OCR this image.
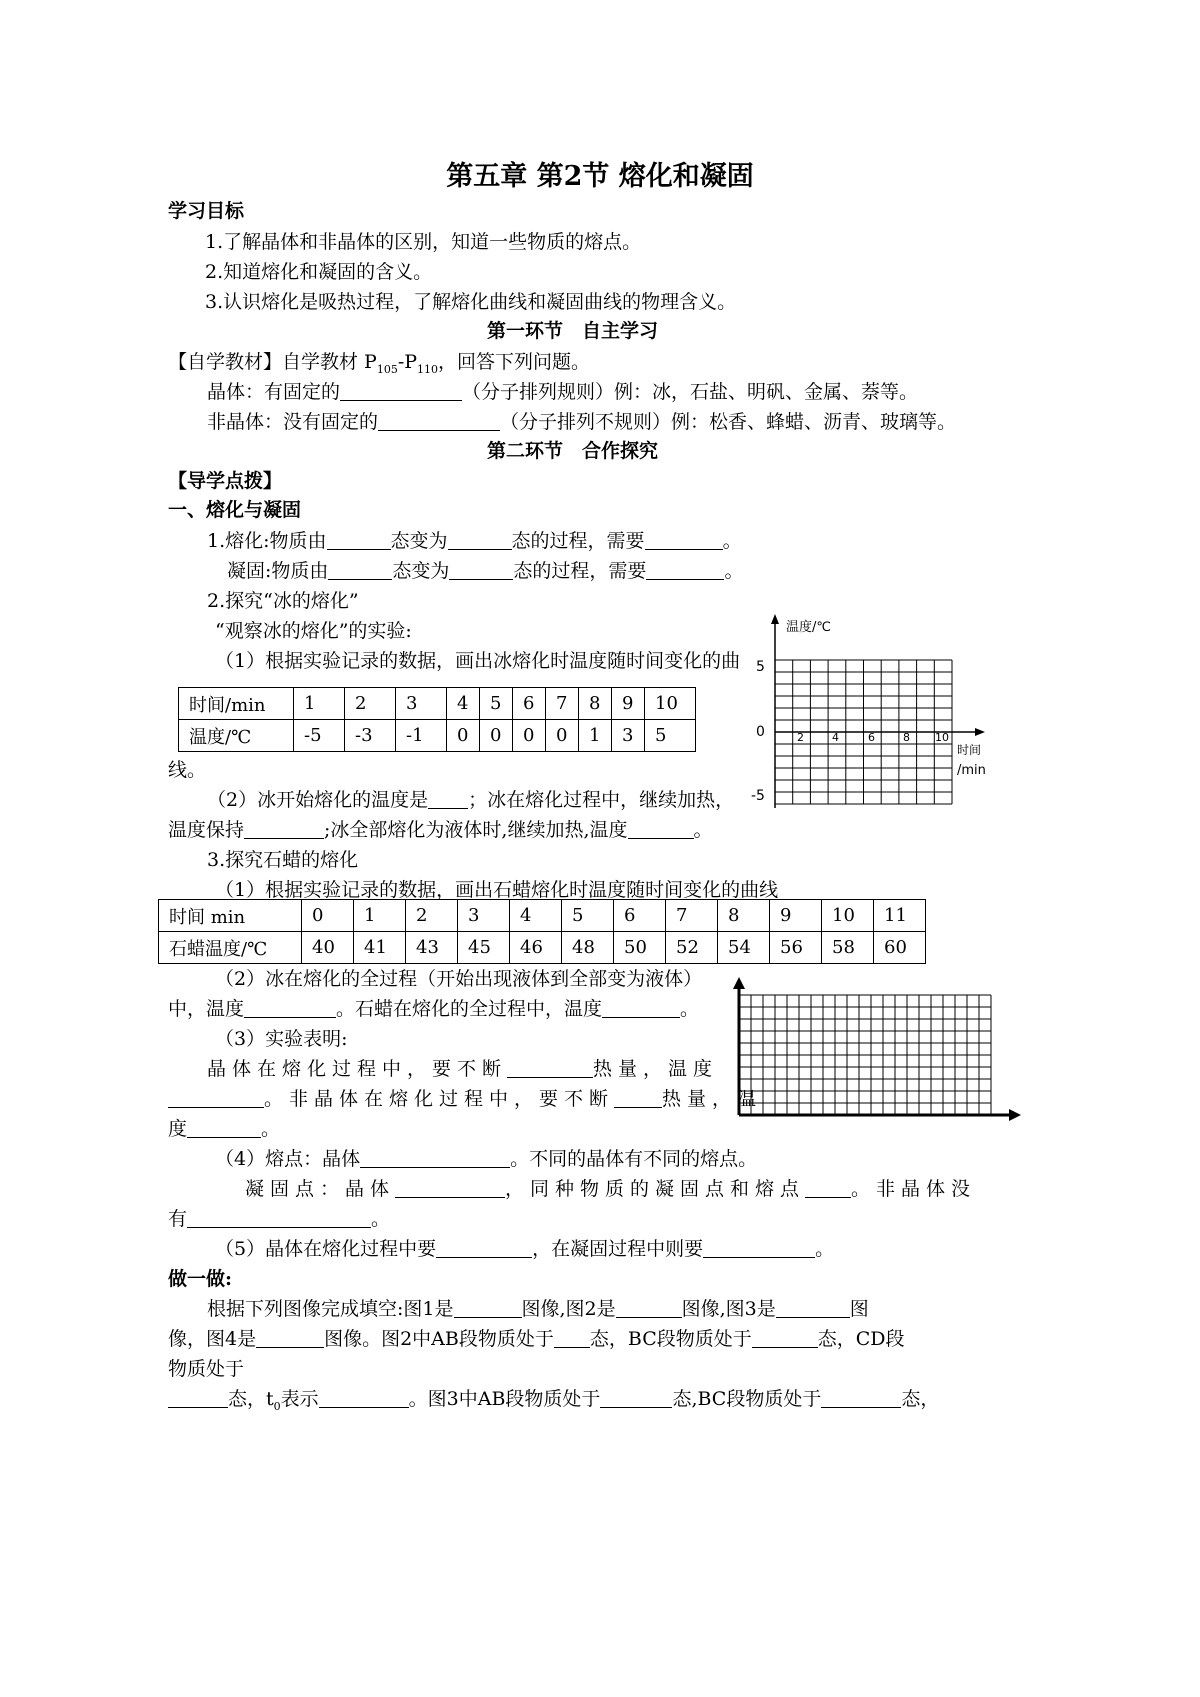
第五章 第2节 熔化和凝固
学习目标
1.了解晶体和非晶体的区别，知道一些物质的熔点。
2.知道熔化和凝固的含义。
3.认识熔化是吸热过程，了解熔化曲线和凝固曲线的物理含义。
第一环节　自主学习
【自学教材】自学教材 $P_{105}-P_{110}$，回答下列问题。
晶体：有固定的	（分子排列规则）例：冰，石盐、明矾、金属、萘等。
非晶体：没有固定的	（分子排列不规则）例：松香、蜂蜡、沥青、玻璃等。
第二环节　合作探究
【导学点拨】
一、熔化与凝固
1.熔化:物质由	态变为	态的过程，需要	。
凝固:物质由	态变为	态的过程，需要	。
2.探究“冰的熔化”
“观察冰的熔化”的实验:
（1）根据实验记录的数据，画出冰熔化时温度随时间变化的曲
时间/min	1	2	3	4	5	6	7	8	9	10
温度/℃	-5	-3	-1	0	0	0	0	1	3	5
线。
（2）冰开始熔化的温度是 ；冰在熔化过程中，继续加热，
温度保持	;冰全部熔化为液体时,继续加热,温度	。
温度/℃
5
0
-5
2	4	6	8 10
时间
/min
3.探究石蜡的熔化
（1）根据实验记录的数据，画出石蜡熔化时温度随时间变化的曲线
时间 min	0	1	2	3	4	5	6	7	8	9	10	11
石蜡温度/℃	40	41	43	45	46	48	50	52	54	56	58	60
（2）冰在熔化的全过程（开始出现液体到全部变为液体）
中，温度	。石蜡在熔化的全过程中，温度	。
（3）实验表明:
晶体在熔化过程中，要不断	热量，温度
。非晶体在熔化过程中，要不断	热量，温
度	。
（4）熔点：晶体	。不同的晶体有不同的熔点。
凝固点：晶体	，同种物质的凝固点和熔点 。非晶体没
有	。
（5）晶体在熔化过程中要	，在凝固过程中则要	。
做一做:
根据下列图像完成填空:图1是	图像,图2是	图像,图3是	图
像，图4是	图像。图2中AB段物质处于 态，BC段物质处于	态，CD段
物质处于
态，$t_0$表示	。图3中AB段物质处于	态,BC段物质处于	态，
